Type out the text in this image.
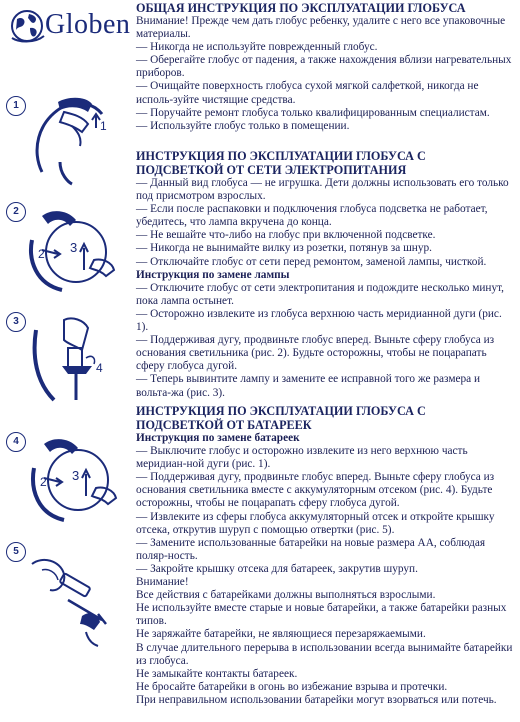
Globen
1
1
2
3
2
3
4
4
3
2
5

ОБЩАЯ ИНСТРУКЦИЯ ПО ЭКСПЛУАТАЦИИ ГЛОБУСА

Внимание! Прежде чем дать глобус ребенку, удалите с него все упаковочные материалы.

— Никогда не используйте поврежденный глобус.

— Оберегайте глобус от падения, а также нахождения вблизи нагревательных приборов.

— Очищайте поверхность глобуса сухой мягкой салфеткой, никогда не исполь-зуйте чистящие средства.

— Поручайте ремонт глобуса только квалифицированным специалистам.

— Используйте глобус только в помещении.

ИНСТРУКЦИЯ ПО ЭКСПЛУАТАЦИИ ГЛОБУСА С ПОДСВЕТКОЙ ОТ СЕТИ ЭЛЕКТРОПИТАНИЯ

— Данный вид глобуса — не игрушка. Дети должны использовать его только под присмотром взрослых.

— Если после распаковки и подключения глобуса подсветка не работает, убедитесь, что лампа вкручена до конца.

— Не вешайте что-либо на глобус при включенной подсветке.

— Никогда не вынимайте вилку из розетки, потянув за шнур.

— Отключайте глобус от сети перед ремонтом, заменой лампы, чисткой.

Инструкция по замене лампы

— Отключите глобус от сети электропитания и подождите несколько минут, пока лампа остынет.

— Осторожно извлеките из глобуса верхнюю часть меридианной дуги (рис. 1).

— Поддерживая дугу, продвиньте глобус вперед. Выньте сферу глобуса из основания светильника (рис. 2). Будьте осторожны, чтобы не поцарапать сферу глобуса дугой.

— Теперь вывинтите лампу и замените ее исправной того же размера и вольта-жа (рис. 3).

ИНСТРУКЦИЯ ПО ЭКСПЛУАТАЦИИ ГЛОБУСА С ПОДСВЕТКОЙ ОТ БАТАРЕЕК

Инструкция по замене батареек

— Выключите глобус и осторожно извлеките из него верхнюю часть меридиан-ной дуги (рис. 1).

— Поддерживая дугу, продвиньте глобус вперед. Выньте сферу глобуса из основания светильника вместе с аккумуляторным отсеком (рис. 4). Будьте осторожны, чтобы не поцарапать сферу глобуса дугой.

— Извлеките из сферы глобуса аккумуляторный отсек и откройте крышку отсека, открутив шуруп с помощью отвертки (рис. 5).

— Замените использованные батарейки на новые размера АА, соблюдая поляр-ность.

— Закройте крышку отсека для батареек, закрутив шуруп.

Внимание!

Все действия с батарейками должны выполняться взрослыми.

Не используйте вместе старые и новые батарейки, а также батарейки разных типов.

Не заряжайте батарейки, не являющиеся перезаряжаемыми.

В случае длительного перерыва в использовании всегда вынимайте батарейки из глобуса.

Не замыкайте контакты батареек.

Не бросайте батарейки в огонь во избежание взрыва и протечки.

При неправильном использовании батарейки могут взорваться или потечь.
